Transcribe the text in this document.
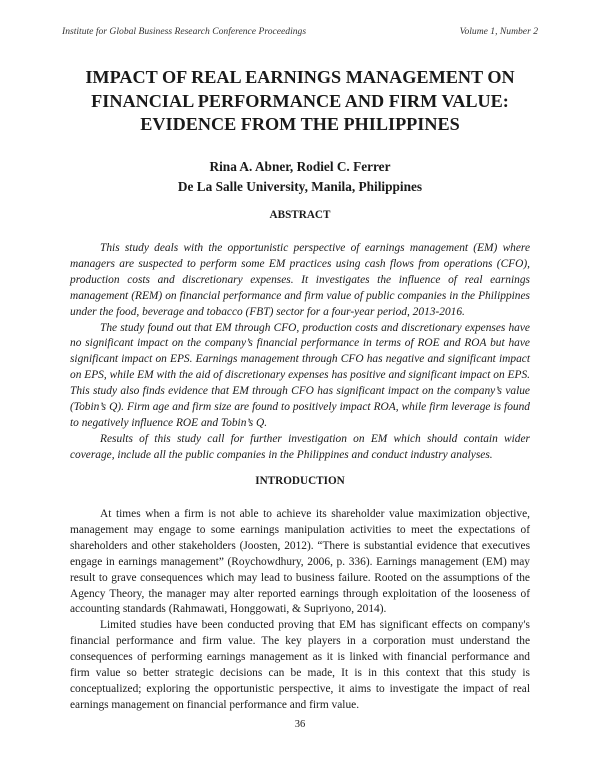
Institute for Global Business Research Conference Proceedings	Volume 1, Number 2
IMPACT OF REAL EARNINGS MANAGEMENT ON
FINANCIAL PERFORMANCE AND FIRM VALUE:
EVIDENCE FROM THE PHILIPPINES
Rina A. Abner, Rodiel C. Ferrer
De La Salle University, Manila, Philippines
ABSTRACT

This study deals with the opportunistic perspective of earnings management (EM) where managers are suspected to perform some EM practices using cash flows from operations (CFO), production costs and discretionary expenses. It investigates the influence of real earnings management (REM) on financial performance and firm value of public companies in the Philippines under the food, beverage and tobacco (FBT) sector for a four-year period, 2013-2016.

The study found out that EM through CFO, production costs and discretionary expenses have no significant impact on the company’s financial performance in terms of ROE and ROA but have significant impact on EPS. Earnings management through CFO has negative and significant impact on EPS, while EM with the aid of discretionary expenses has positive and significant impact on EPS. This study also finds evidence that EM through CFO has significant impact on the company’s value (Tobin’s Q). Firm age and firm size are found to positively impact ROA, while firm leverage is found to negatively influence ROE and Tobin’s Q.

Results of this study call for further investigation on EM which should contain wider coverage, include all the public companies in the Philippines and conduct industry analyses.

INTRODUCTION

At times when a firm is not able to achieve its shareholder value maximization objective, management may engage to some earnings manipulation activities to meet the expectations of shareholders and other stakeholders (Joosten, 2012). “There is substantial evidence that executives engage in earnings management” (Roychowdhury, 2006, p. 336). Earnings management (EM) may result to grave consequences which may lead to business failure. Rooted on the assumptions of the Agency Theory, the manager may alter reported earnings through exploitation of the looseness of accounting standards (Rahmawati, Honggowati, & Supriyono, 2014).

Limited studies have been conducted proving that EM has significant effects on company's financial performance and firm value. The key players in a corporation must understand the consequences of performing earnings management as it is linked with financial performance and firm value so better strategic decisions can be made, It is in this context that this study is conceptualized; exploring the opportunistic perspective, it aims to investigate the impact of real earnings management on financial performance and firm value.

36
